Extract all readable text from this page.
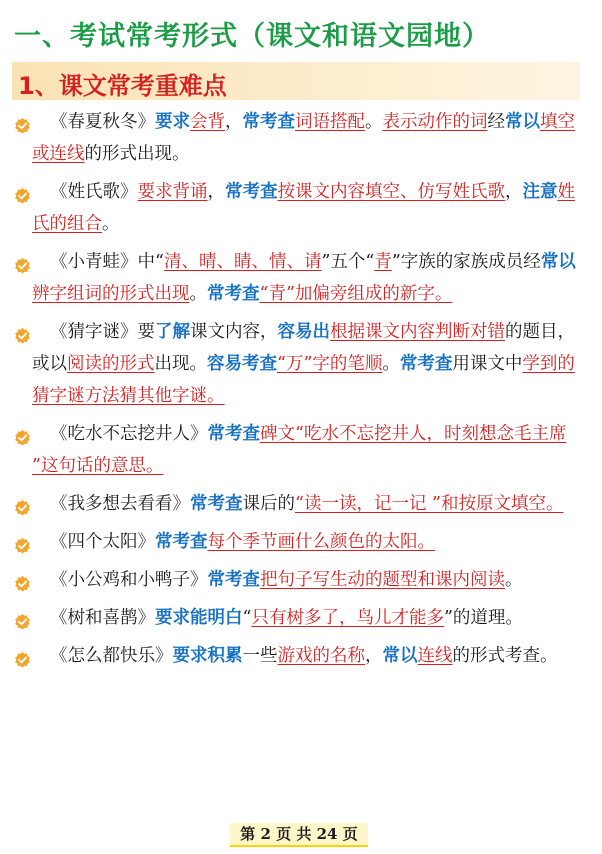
一、考试常考形式（课文和语文园地）
1、课文常考重难点
《春夏秋冬》要求会背，常考查词语搭配。表示动作的词经常以填空或连线的形式出现。
《姓氏歌》要求背诵，常考查按课文内容填空、仿写姓氏歌，注意姓氏的组合。
《小青蛙》中“清、晴、睛、情、请”五个“青”字族的家族成员经常以辨字组词的形式出现。常考查“青”加偏旁组成的新字。
《猜字谜》要了解课文内容，容易出根据课文内容判断对错的题目，或以阅读的形式出现。容易考查“万”字的笔顺。常考查用课文中学到的猜字谜方法猜其他字谜。
《吃水不忘挖井人》常考查碑文“吃水不忘挖井人，时刻想念毛主席 ”这句话的意思。
《我多想去看看》常考查课后的“读一读，记一记 ”和按原文填空。
《四个太阳》常考查每个季节画什么颜色的太阳。
《小公鸡和小鸭子》常考查把句子写生动的题型和课内阅读。
《树和喜鹊》要求能明白“只有树多了，鸟儿才能多”的道理。
《怎么都快乐》要求积累一些游戏的名称，常以连线的形式考查。
第 2 页 共 24 页
